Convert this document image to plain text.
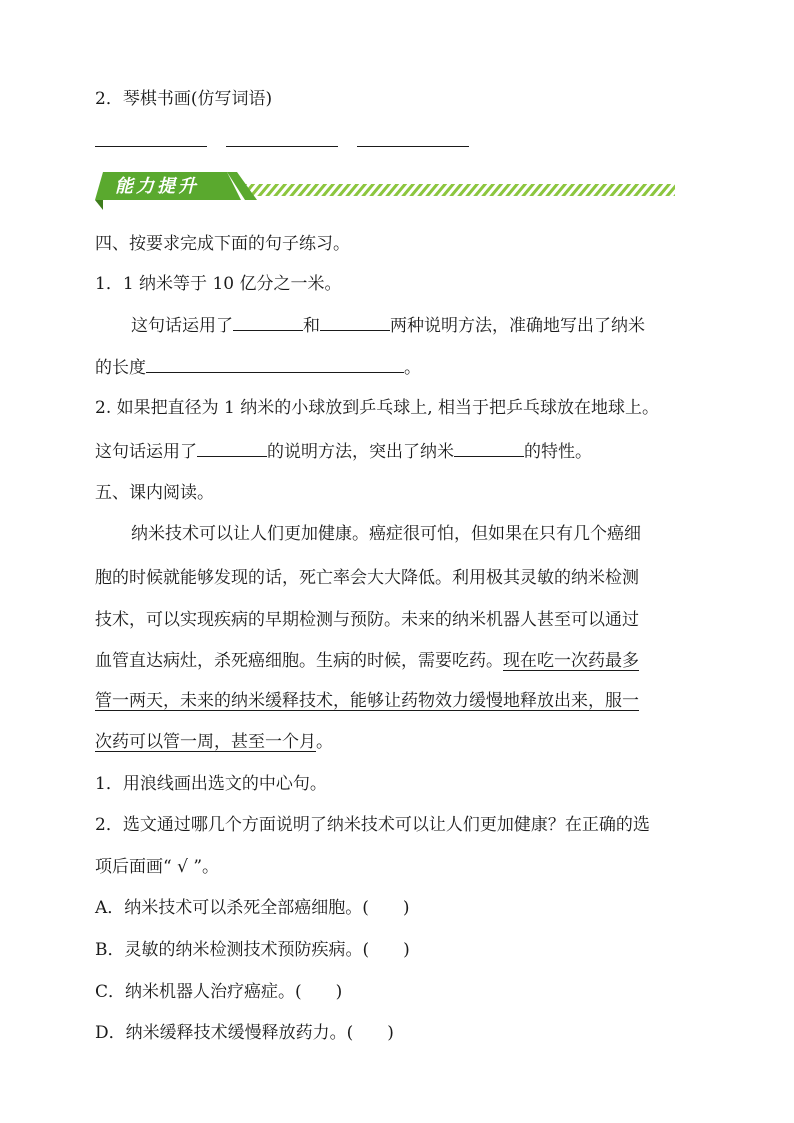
2．琴棋书画(仿写词语)
能力提升
四、按要求完成下面的句子练习。
1．1 纳米等于 10 亿分之一米。
这句话运用了	和	两种说明方法，准确地写出了纳米
的长度	。
2. 如果把直径为 1 纳米的小球放到乒乓球上, 相当于把乒乓球放在地球上。
这句话运用了	的说明方法，突出了纳米	的特性。
五、课内阅读。
纳米技术可以让人们更加健康。癌症很可怕，但如果在只有几个癌细
胞的时候就能够发现的话，死亡率会大大降低。利用极其灵敏的纳米检测
技术，可以实现疾病的早期检测与预防。未来的纳米机器人甚至可以通过
血管直达病灶，杀死癌细胞。生病的时候，需要吃药。现在吃一次药最多
管一两天，未来的纳米缓释技术，能够让药物效力缓慢地释放出来，服一
次药可以管一周，甚至一个月。
1．用浪线画出选文的中心句。
2．选文通过哪几个方面说明了纳米技术可以让人们更加健康？在正确的选
项后面画“ √ ”。
A．纳米技术可以杀死全部癌细胞。( )
B．灵敏的纳米检测技术预防疾病。( )
C．纳米机器人治疗癌症。( )
D．纳米缓释技术缓慢释放药力。( )
